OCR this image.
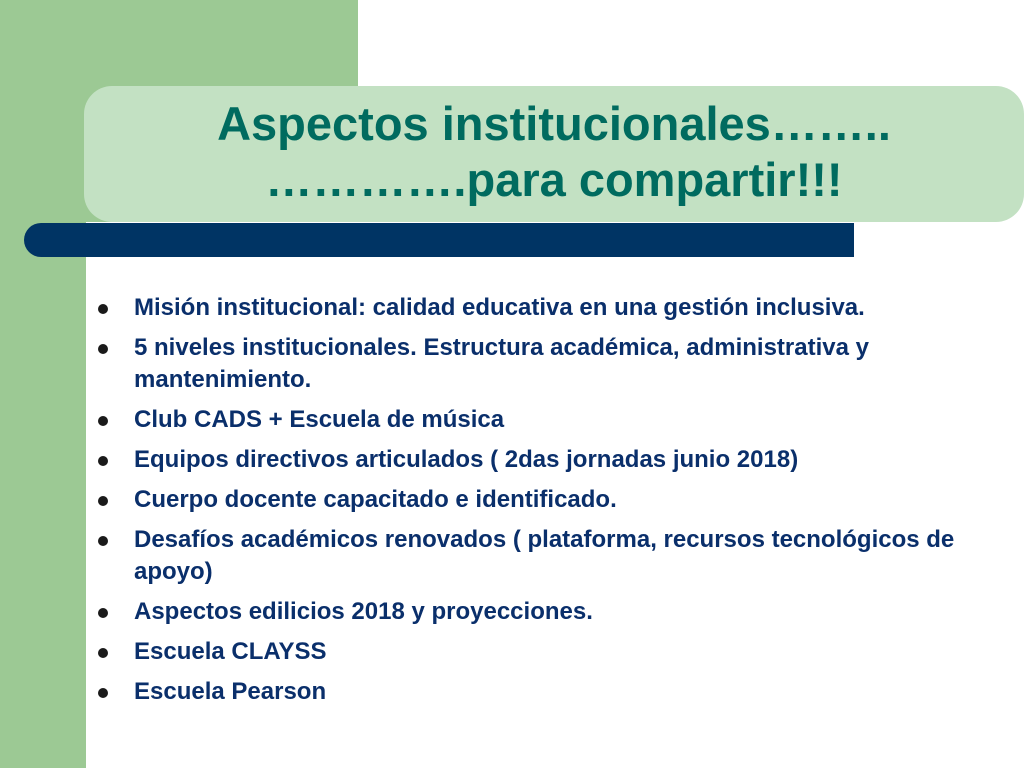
Aspectos institucionales……..
………….para compartir!!!
Misión institucional: calidad educativa en una gestión inclusiva.
5 niveles institucionales. Estructura académica, administrativa y mantenimiento.
Club CADS + Escuela de música
Equipos directivos articulados ( 2das jornadas junio 2018)
Cuerpo docente capacitado e identificado.
Desafíos académicos renovados ( plataforma, recursos tecnológicos de apoyo)
Aspectos edilicios 2018 y proyecciones.
Escuela CLAYSS
Escuela Pearson
